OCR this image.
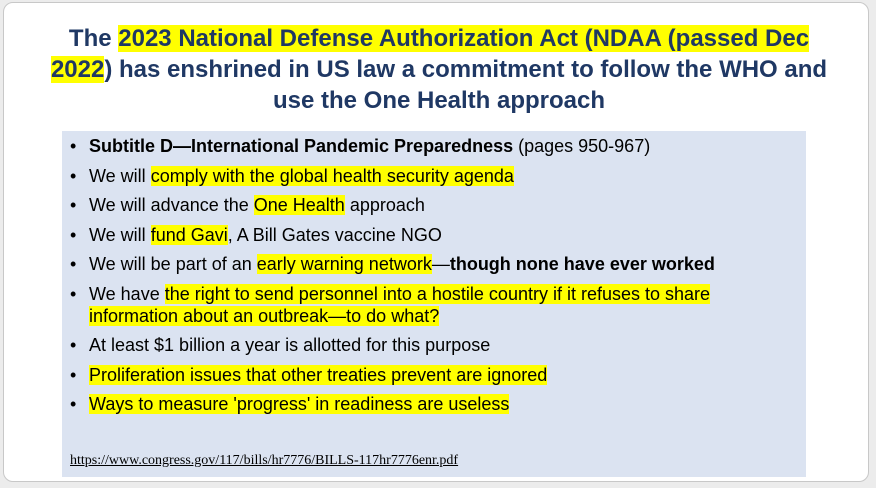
The 2023 National Defense Authorization Act (NDAA (passed Dec 2022) has enshrined in US law a commitment to follow the WHO and use the One Health approach
• Subtitle D—International Pandemic Preparedness (pages 950-967)
• We will comply with the global health security agenda
• We will advance the One Health approach
• We will fund Gavi, A Bill Gates vaccine NGO
• We will be part of an early warning network—though none have ever worked
• We have the right to send personnel into a hostile country if it refuses to share information about an outbreak—to do what?
• At least $1 billion a year is allotted for this purpose
• Proliferation issues that other treaties prevent are ignored
• Ways to measure 'progress' in readiness are useless
https://www.congress.gov/117/bills/hr7776/BILLS-117hr7776enr.pdf
